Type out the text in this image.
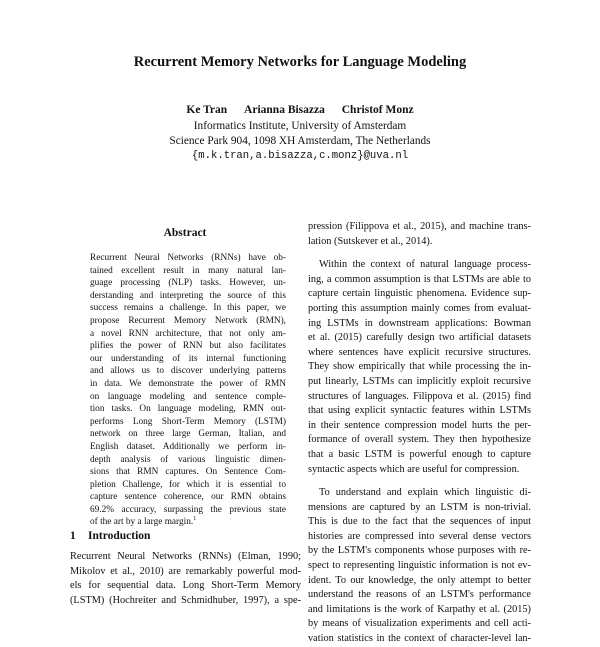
Recurrent Memory Networks for Language Modeling
Ke Tran Arianna Bisazza Christof Monz
Informatics Institute, University of Amsterdam
Science Park 904, 1098 XH Amsterdam, The Netherlands
{m.k.tran,a.bisazza,c.monz}@uva.nl
Abstract
Recurrent Neural Networks (RNNs) have ob-
tained excellent result in many natural lan-
guage processing (NLP) tasks. However, un-
derstanding and interpreting the source of this
success remains a challenge. In this paper, we
propose Recurrent Memory Network (RMN),
a novel RNN architecture, that not only am-
plifies the power of RNN but also facilitates
our understanding of its internal functioning
and allows us to discover underlying patterns
in data. We demonstrate the power of RMN
on language modeling and sentence comple-
tion tasks. On language modeling, RMN out-
performs Long Short-Term Memory (LSTM)
network on three large German, Italian, and
English dataset. Additionally we perform in-
depth analysis of various linguistic dimen-
sions that RMN captures. On Sentence Com-
pletion Challenge, for which it is essential to
capture sentence coherence, our RMN obtains
69.2% accuracy, surpassing the previous state
of the art by a large margin.$^1$
1 Introduction
Recurrent Neural Networks (RNNs) (Elman, 1990;
Mikolov et al., 2010) are remarkably powerful mod-
els for sequential data. Long Short-Term Memory
(LSTM) (Hochreiter and Schmidhuber, 1997), a spe-
pression (Filippova et al., 2015), and machine trans-
lation (Sutskever et al., 2014).
Within the context of natural language process-
ing, a common assumption is that LSTMs are able to
capture certain linguistic phenomena. Evidence sup-
porting this assumption mainly comes from evaluat-
ing LSTMs in downstream applications: Bowman
et al. (2015) carefully design two artificial datasets
where sentences have explicit recursive structures.
They show empirically that while processing the in-
put linearly, LSTMs can implicitly exploit recursive
structures of languages. Filippova et al. (2015) find
that using explicit syntactic features within LSTMs
in their sentence compression model hurts the per-
formance of overall system. They then hypothesize
that a basic LSTM is powerful enough to capture
syntactic aspects which are useful for compression.
To understand and explain which linguistic di-
mensions are captured by an LSTM is non-trivial.
This is due to the fact that the sequences of input
histories are compressed into several dense vectors
by the LSTM's components whose purposes with re-
spect to representing linguistic information is not ev-
ident. To our knowledge, the only attempt to better
understand the reasons of an LSTM's performance
and limitations is the work of Karpathy et al. (2015)
by means of visualization experiments and cell acti-
vation statistics in the context of character-level lan-
